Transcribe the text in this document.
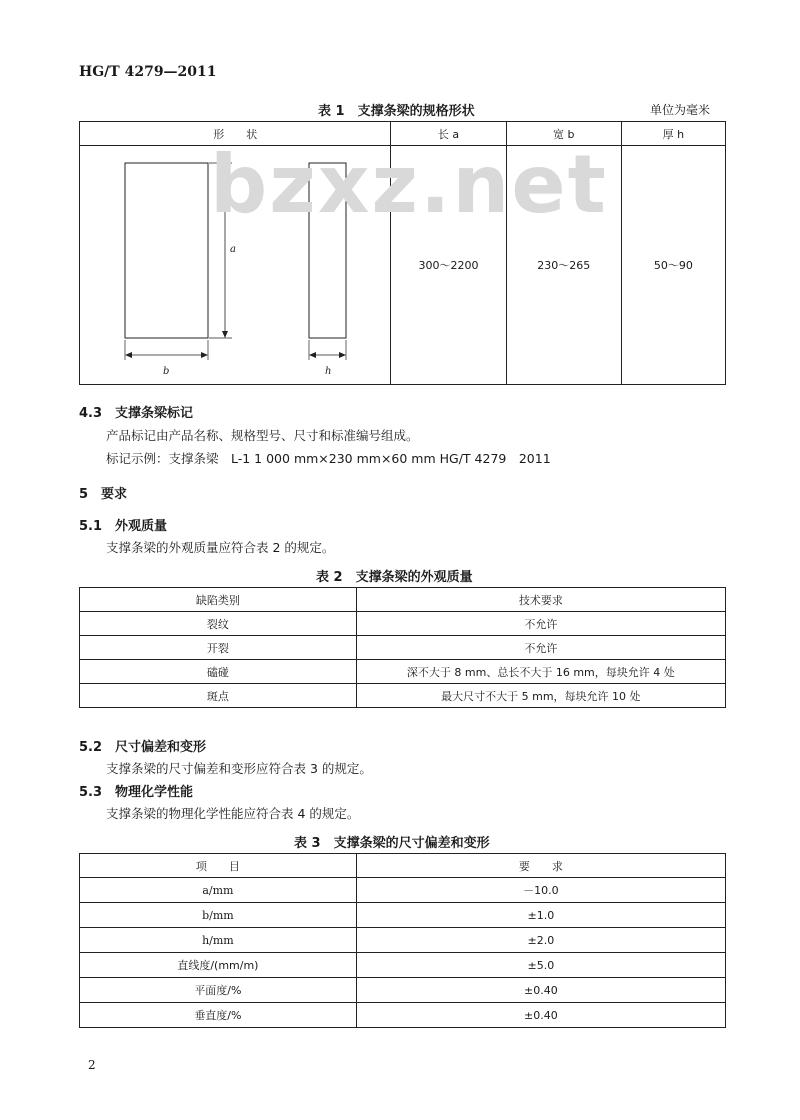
HG/T 4279—2011
表 1　支撑条梁的规格形状	单位为毫米
形　　状	长 a	宽 b	厚 h

a
b h	300～2200	230～265	50～90
bzxz.net
4.3　支撑条梁标记
产品标记由产品名称、规格型号、尺寸和标准编号组成。
标记示例：支撑条梁　L-1 1 000 mm×230 mm×60 mm HG/T 4279　2011
5　要求
5.1　外观质量
支撑条梁的外观质量应符合表 2 的规定。
表 2　支撑条梁的外观质量
缺陷类别	技术要求
裂纹	不允许
开裂	不允许
磕碰	深不大于 8 mm、总长不大于 16 mm，每块允许 4 处
斑点	最大尺寸不大于 5 mm，每块允许 10 处
5.2　尺寸偏差和变形
支撑条梁的尺寸偏差和变形应符合表 3 的规定。
5.3　物理化学性能
支撑条梁的物理化学性能应符合表 4 的规定。
表 3　支撑条梁的尺寸偏差和变形
项　　目	要　　求
a/mm	－10.0
b/mm	±1.0
h/mm	±2.0
直线度/(mm/m)	±5.0
平面度/%	±0.40
垂直度/%	±0.40
2
